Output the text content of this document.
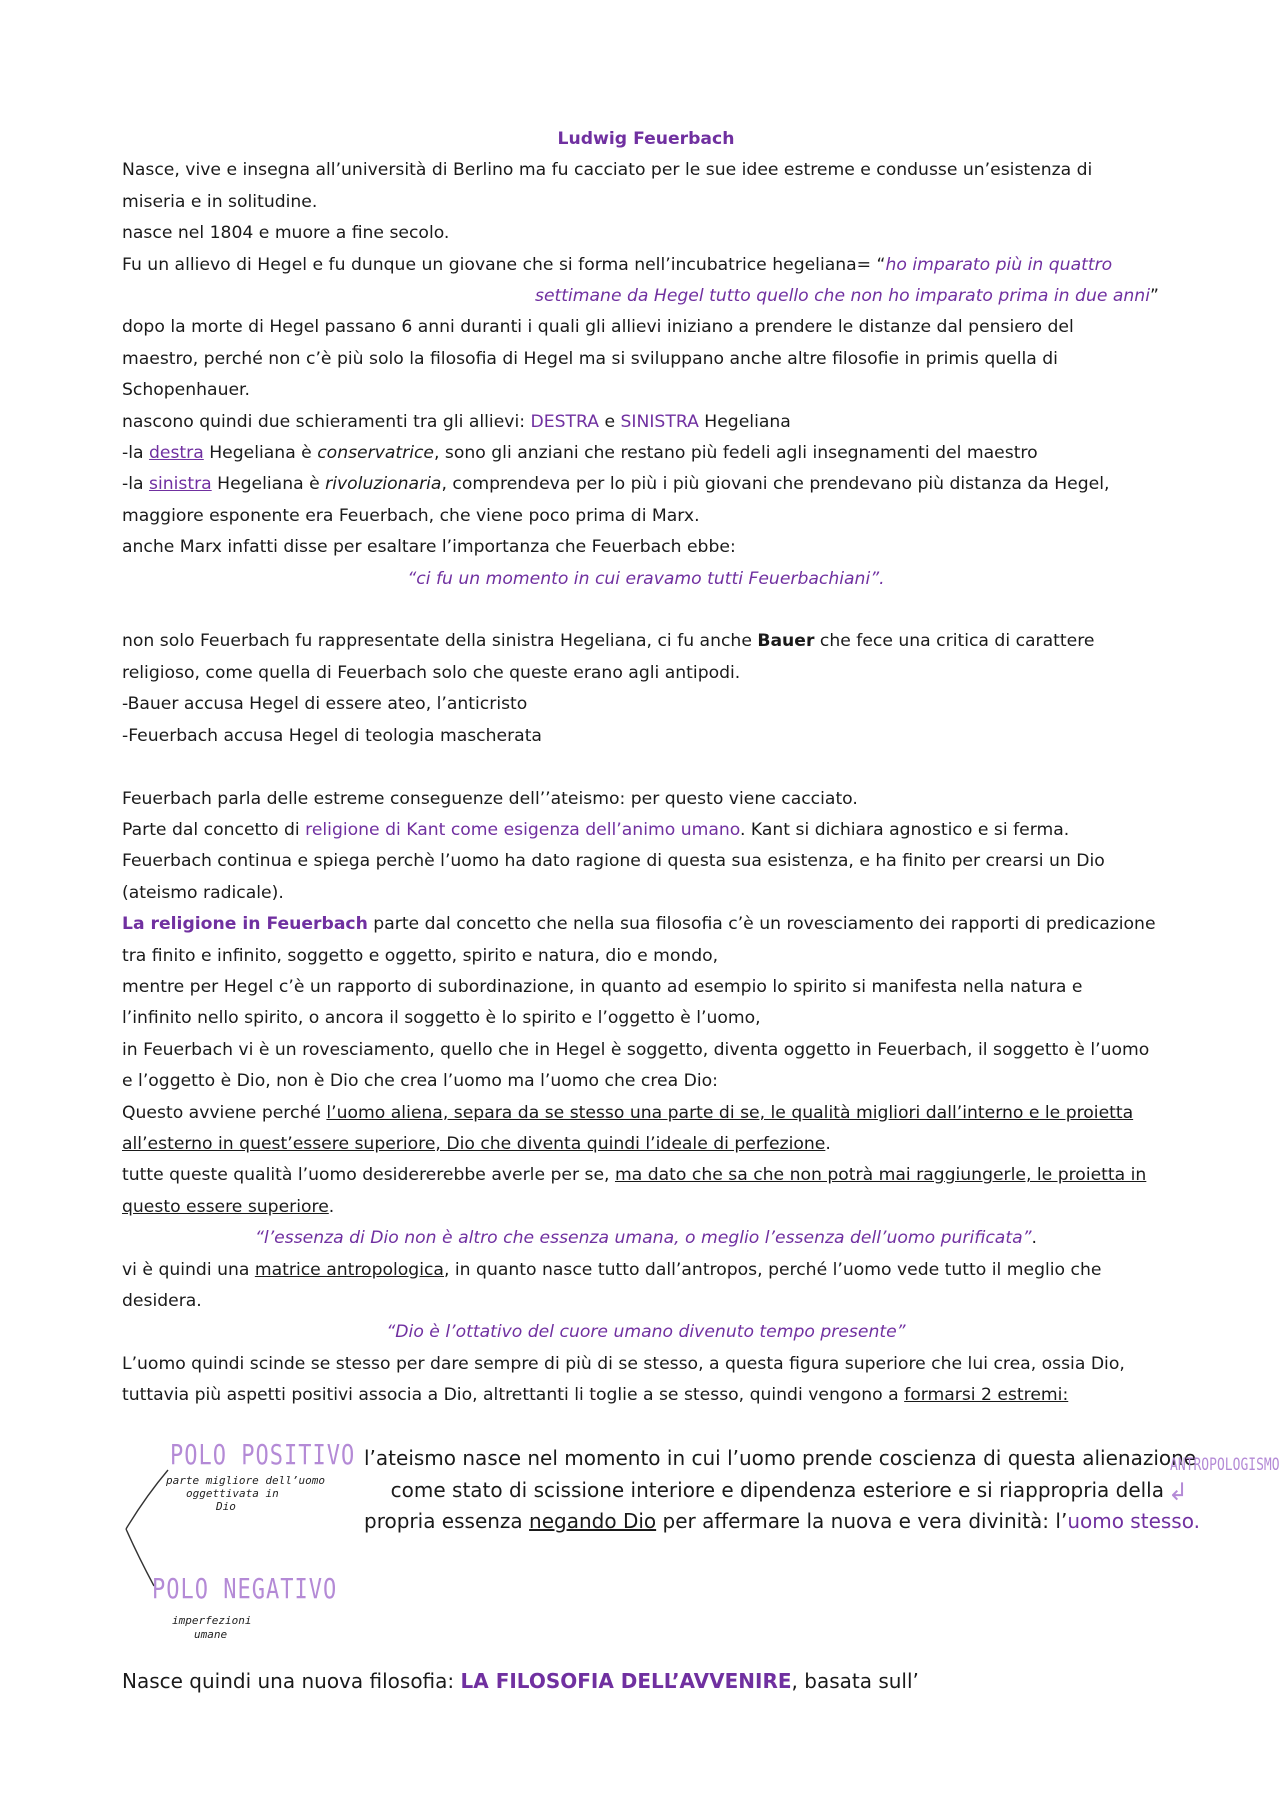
Ludwig Feuerbach

Nasce, vive e insegna all’università di Berlino ma fu cacciato per le sue idee estreme e condusse un’esistenza di

miseria e in solitudine.

nasce nel 1804 e muore a fine secolo.

Fu un allievo di Hegel e fu dunque un giovane che si forma nell’incubatrice hegeliana= “ho imparato più in quattro

settimane da Hegel tutto quello che non ho imparato prima in due anni”

dopo la morte di Hegel passano 6 anni duranti i quali gli allievi iniziano a prendere le distanze dal pensiero del

maestro, perché non c’è più solo la filosofia di Hegel ma si sviluppano anche altre filosofie in primis quella di

Schopenhauer.

nascono quindi due schieramenti tra gli allievi: DESTRA e SINISTRA Hegeliana

-la destra Hegeliana è conservatrice, sono gli anziani che restano più fedeli agli insegnamenti del maestro

-la sinistra Hegeliana è rivoluzionaria, comprendeva per lo più i più giovani che prendevano più distanza da Hegel,

maggiore esponente era Feuerbach, che viene poco prima di Marx.

anche Marx infatti disse per esaltare l’importanza che Feuerbach ebbe:

“ci fu un momento in cui eravamo tutti Feuerbachiani”.

non solo Feuerbach fu rappresentate della sinistra Hegeliana, ci fu anche Bauer che fece una critica di carattere

religioso, come quella di Feuerbach solo che queste erano agli antipodi.

-Bauer accusa Hegel di essere ateo, l’anticristo

-Feuerbach accusa Hegel di teologia mascherata

Feuerbach parla delle estreme conseguenze dell’’ateismo: per questo viene cacciato.

Parte dal concetto di religione di Kant come esigenza dell’animo umano. Kant si dichiara agnostico e si ferma.

Feuerbach continua e spiega perchè l’uomo ha dato ragione di questa sua esistenza, e ha finito per crearsi un Dio

(ateismo radicale).

La religione in Feuerbach parte dal concetto che nella sua filosofia c’è un rovesciamento dei rapporti di predicazione

tra finito e infinito, soggetto e oggetto, spirito e natura, dio e mondo,

mentre per Hegel c’è un rapporto di subordinazione, in quanto ad esempio lo spirito si manifesta nella natura e

l’infinito nello spirito, o ancora il soggetto è lo spirito e l’oggetto è l’uomo,

in Feuerbach vi è un rovesciamento, quello che in Hegel è soggetto, diventa oggetto in Feuerbach, il soggetto è l’uomo

e l’oggetto è Dio, non è Dio che crea l’uomo ma l’uomo che crea Dio:

Questo avviene perché l’uomo aliena, separa da se stesso una parte di se, le qualità migliori dall’interno e le proietta

all’esterno in quest’essere superiore, Dio che diventa quindi l’ideale di perfezione.

tutte queste qualità l’uomo desidererebbe averle per se, ma dato che sa che non potrà mai raggiungerle, le proietta in

questo essere superiore.

“l’essenza di Dio non è altro che essenza umana, o meglio l’essenza dell’uomo purificata”.

vi è quindi una matrice antropologica, in quanto nasce tutto dall’antropos, perché l’uomo vede tutto il meglio che

desidera.

“Dio è l’ottativo del cuore umano divenuto tempo presente”

L’uomo quindi scinde se stesso per dare sempre di più di se stesso, a questa figura superiore che lui crea, ossia Dio,

tuttavia più aspetti positivi associa a Dio, altrettanti li toglie a se stesso, quindi vengono a formarsi 2 estremi:

POLO POSITIVO
parte migliore dell’uomo
oggettivata in
Dio
POLO NEGATIVO
imperfezioni
umane

l’ateismo nasce nel momento in cui l’uomo prende coscienza di questa alienazione

come stato di scissione interiore e dipendenza esteriore e si riappropria della

propria essenza negando Dio per affermare la nuova e vera divinità: l’uomo stesso.

ANTROPOLOGISMO
↲
Nasce quindi una nuova filosofia: LA FILOSOFIA DELL’AVVENIRE, basata sull’
